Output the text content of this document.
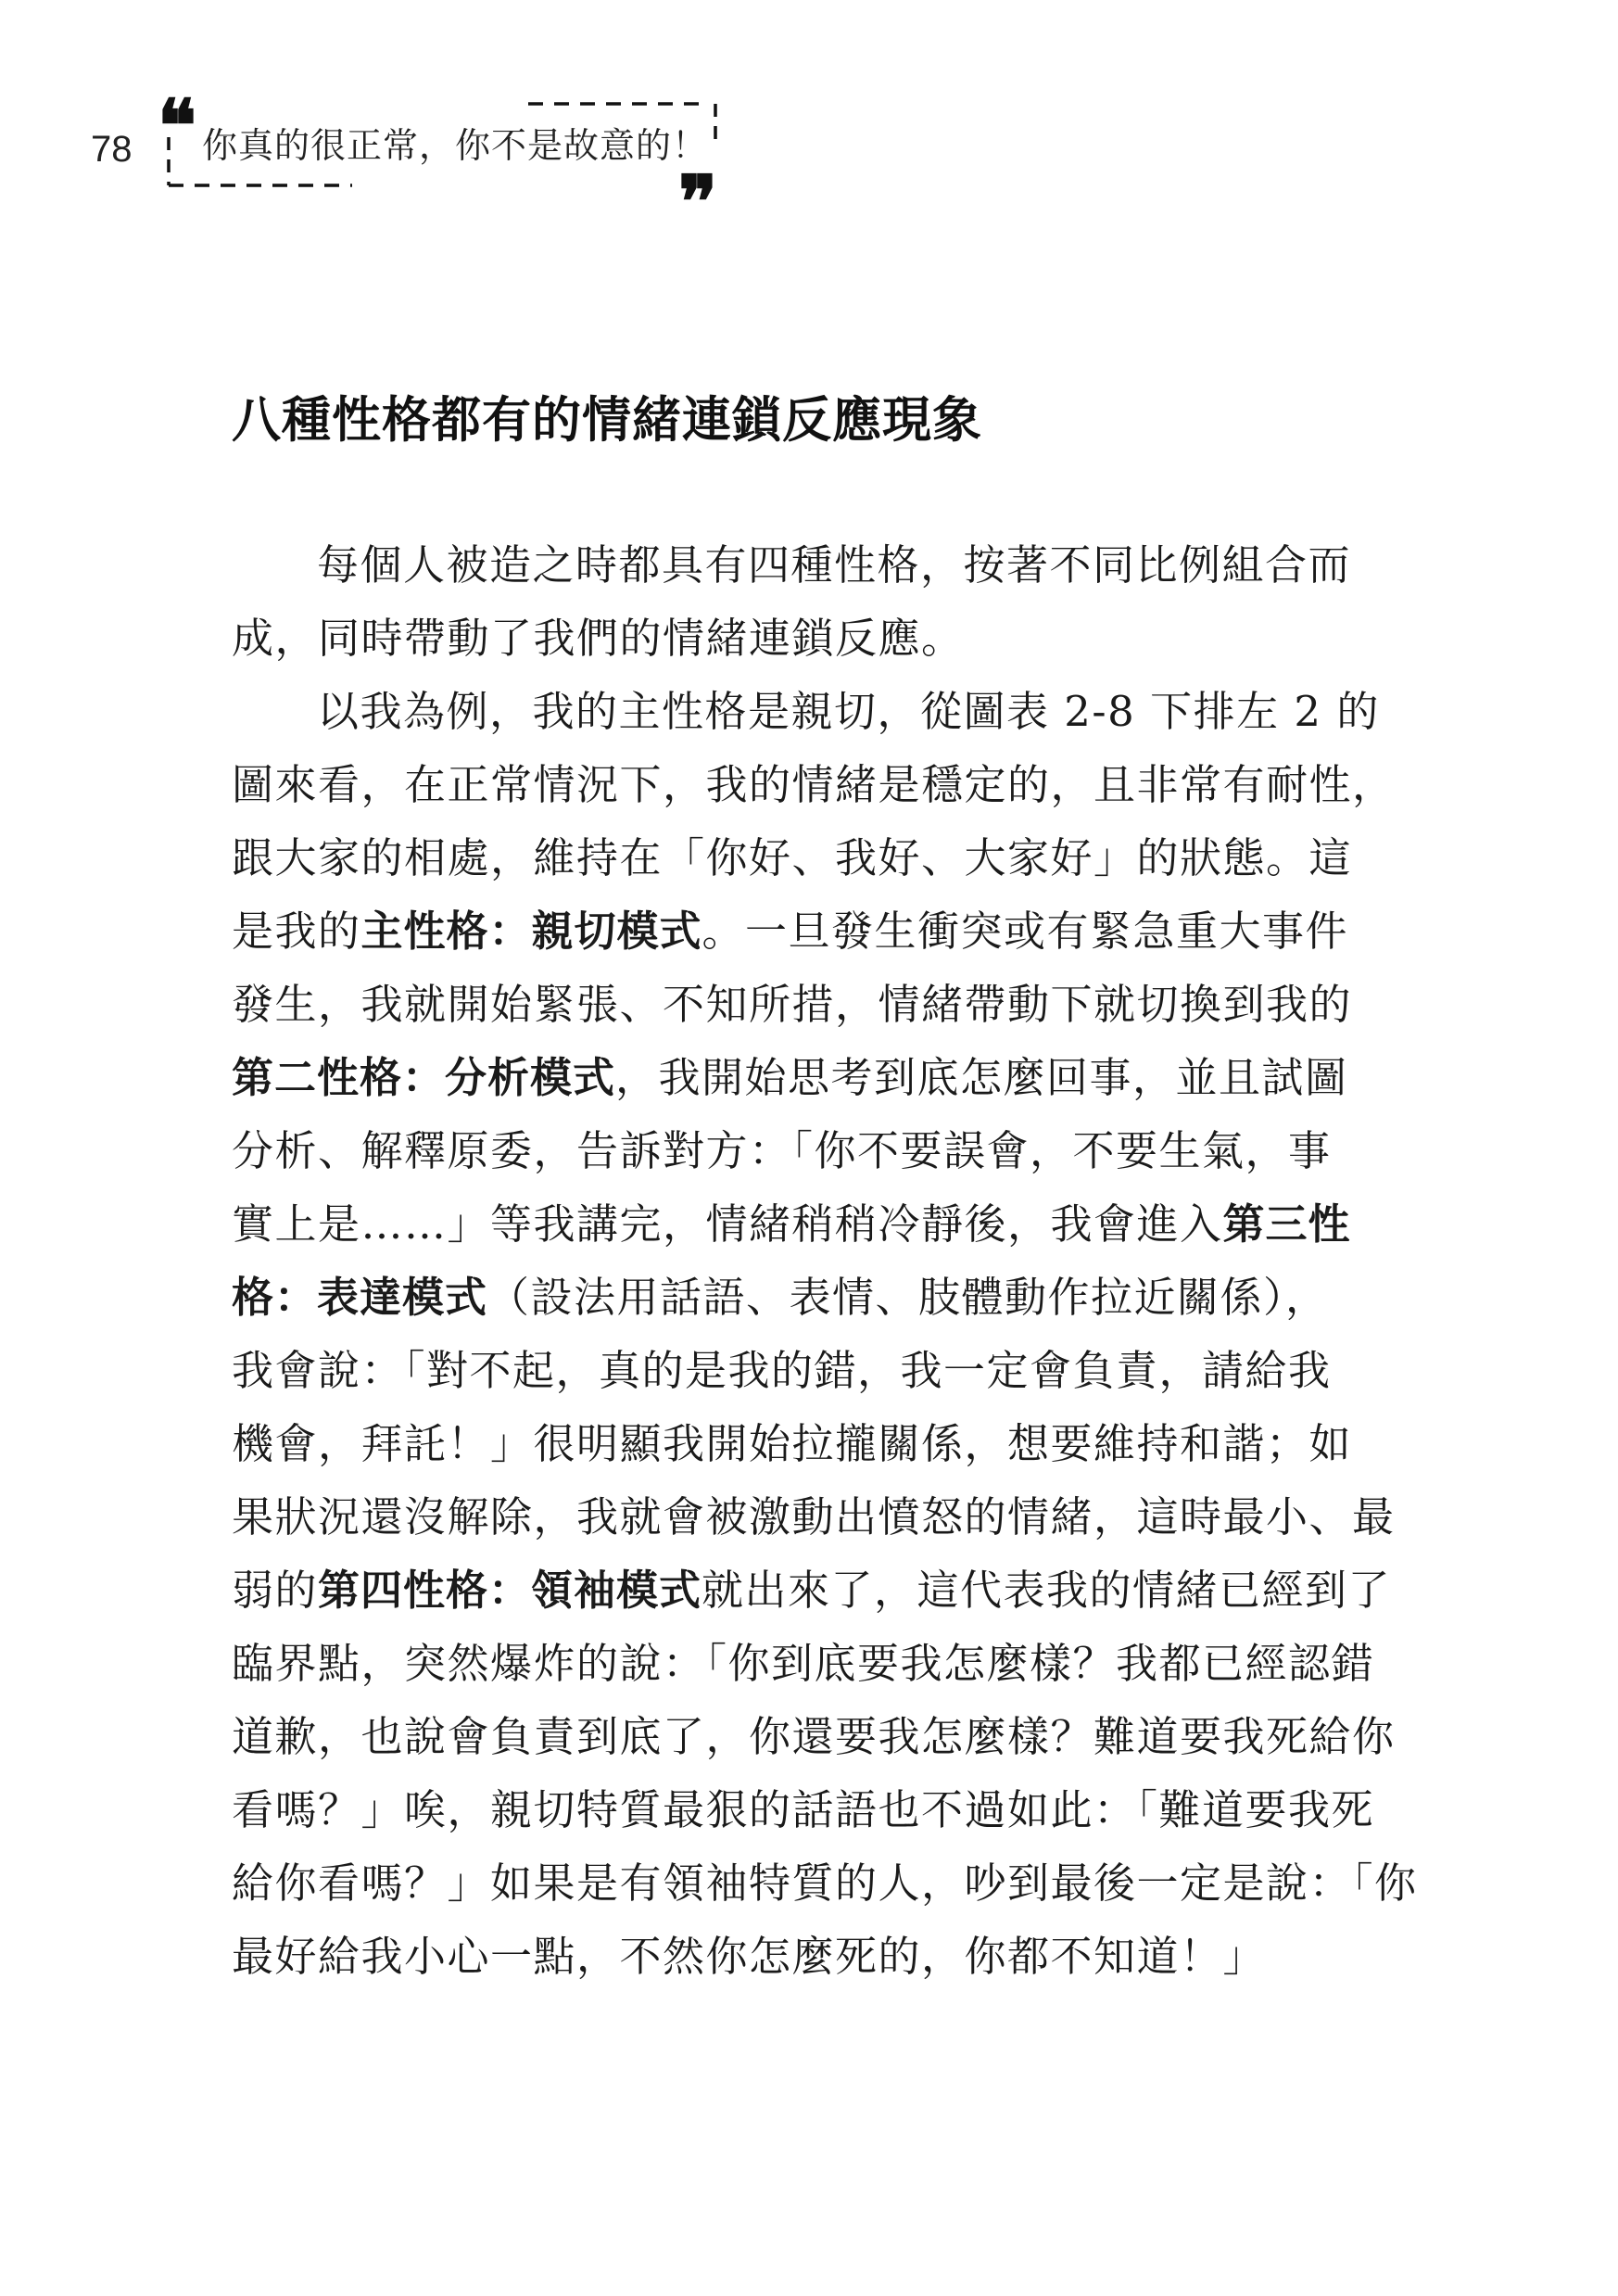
78 ❝ 你真的很正常，你不是故意的！
❞
八種性格都有的情緒連鎖反應現象
每個人被造之時都具有四種性格，按著不同比例組合而
成，同時帶動了我們的情緒連鎖反應。
以我為例，我的主性格是親切，從圖表 2-8 下排左 2 的
圖來看，在正常情況下，我的情緒是穩定的，且非常有耐性，
跟大家的相處，維持在「你好、我好、大家好」的狀態。這
是我的主性格：親切模式。一旦發生衝突或有緊急重大事件
發生，我就開始緊張、不知所措，情緒帶動下就切換到我的
第二性格：分析模式，我開始思考到底怎麼回事，並且試圖
分析、解釋原委，告訴對方：「你不要誤會，不要生氣，事
實上是……」等我講完，情緒稍稍冷靜後，我會進入第三性
格：表達模式（設法用話語、表情、肢體動作拉近關係），
我會說：「對不起，真的是我的錯，我一定會負責，請給我
機會，拜託！」很明顯我開始拉攏關係，想要維持和諧；如
果狀況還沒解除，我就會被激動出憤怒的情緒，這時最小、最
弱的第四性格：領袖模式就出來了，這代表我的情緒已經到了
臨界點，突然爆炸的說：「你到底要我怎麼樣？我都已經認錯
道歉，也說會負責到底了，你還要我怎麼樣？難道要我死給你
看嗎？」唉，親切特質最狠的話語也不過如此：「難道要我死
給你看嗎？」如果是有領袖特質的人，吵到最後一定是說：「你
最好給我小心一點，不然你怎麼死的，你都不知道！」
